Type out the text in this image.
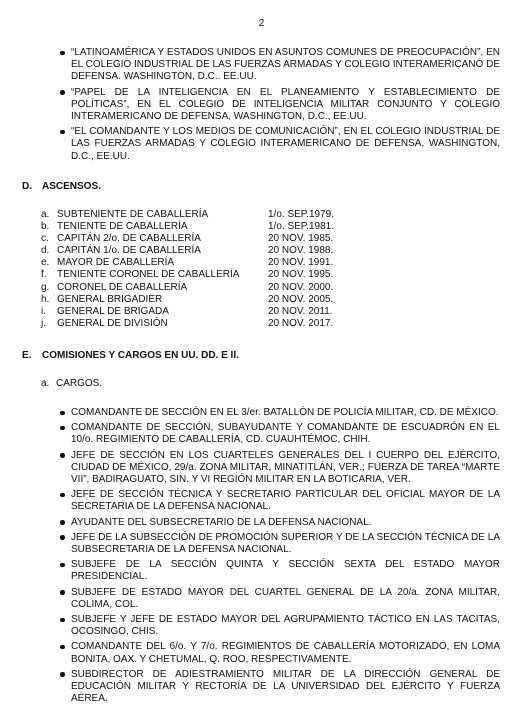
2
“LATINOAMÉRICA Y ESTADOS UNIDOS EN ASUNTOS COMUNES DE PREOCUPACIÓN”, EN EL COLEGIO INDUSTRIAL DE LAS FUERZAS ARMADAS Y COLEGIO INTERAMERICANO DE DEFENSA. WASHINGTON, D.C.. EE.UU.
“PAPEL DE LA INTELIGENCIA EN EL PLANEAMIENTO Y ESTABLECIMIENTO DE POLÍTICAS”, EN EL COLEGIO DE INTELIGENCIA MILITAR CONJUNTO Y COLEGIO INTERAMERICANO DE DEFENSA, WASHINGTON, D.C., EE.UU.
“EL COMANDANTE Y LOS MEDIOS DE COMUNICACIÓN”, EN EL COLEGIO INDUSTRIAL DE LAS FUERZAS ARMADAS Y COLEGIO INTERAMERICANO DE DEFENSA, WASHINGTON, D.C., EE.UU.
D. ASCENSOS.
a. SUBTENIENTE DE CABALLERÍA	1/o. SEP.1979.
b. TENIENTE DE CABALLERÍA	1/o. SEP.1981.
c. CAPITÁN 2/o. DE CABALLERÍA	20 NOV. 1985.
d. CAPITÁN 1/o. DE CABALLERÍA	20 NOV. 1988.
e. MAYOR DE CABALLERÍA	20 NOV. 1991.
f.	TENIENTE CORONEL DE CABALLERÍA	20 NOV. 1995.
g. CORONEL DE CABALLERÍA	20 NOV. 2000.
h. GENERAL BRIGADIER	20 NOV. 2005.
i.	GENERAL DE BRIGADA	20 NOV. 2011.
j.	GENERAL DE DIVISIÓN	20 NOV. 2017.
E. COMISIONES Y CARGOS EN UU. DD. E II.
a. CARGOS.
COMANDANTE DE SECCIÓN EN EL 3/er. BATALLÓN DE POLICÍA MILITAR, CD. DE MÉXICO.
COMANDANTE DE SECCIÓN, SUBAYUDANTE Y COMANDANTE DE ESCUADRÓN EN EL 10/o. REGIMIENTO DE CABALLERÍA, CD. CUAUHTÉMOC, CHIH.
JEFE DE SECCIÓN EN LOS CUARTELES GENERALES DEL I CUERPO DEL EJÉRCITO, CIUDAD DE MÉXICO, 29/a. ZONA MILITAR, MINATITLÁN, VER.; FUERZA DE TAREA “MARTE VII”, BADIRAGUATO, SIN. Y VI REGIÓN MILITAR EN LA BOTICARIA, VER.
JEFE DE SECCIÓN TÉCNICA Y SECRETARIO PARTICULAR DEL OFICIAL MAYOR DE LA SECRETARIA DE LA DEFENSA NACIONAL.
AYUDANTE DEL SUBSECRETARIO DE LA DEFENSA NACIONAL.
JEFE DE LA SUBSECCIÓN DE PROMOCIÓN SUPERIOR Y DE LA SECCIÓN TÉCNICA DE LA SUBSECRETARIA DE LA DEFENSA NACIONAL.
SUBJEFE DE LA SECCIÓN QUINTA Y SECCIÓN SEXTA DEL ESTADO MAYOR PRESIDENCIAL.
SUBJEFE DE ESTADO MAYOR DEL CUARTEL GENERAL DE LA 20/a. ZONA MILITAR, COLIMA, COL.
SUBJEFE Y JEFE DE ESTADO MAYOR DEL AGRUPAMIENTO TÁCTICO EN LAS TACITAS, OCOSINGO, CHIS.
COMANDANTE DEL 6/o. Y 7/o. REGIMIENTOS DE CABALLERÍA MOTORIZADO, EN LOMA BONITA, OAX. Y CHETUMAL, Q. ROO, RESPECTIVAMENTE.
SUBDIRECTOR DE ADIESTRAMIENTO MILITAR DE LA DIRECCIÓN GENERAL DE EDUCACIÓN MILITAR Y RECTORÍA DE LA UNIVERSIDAD DEL EJÉRCITO Y FUERZA AÉREA.
